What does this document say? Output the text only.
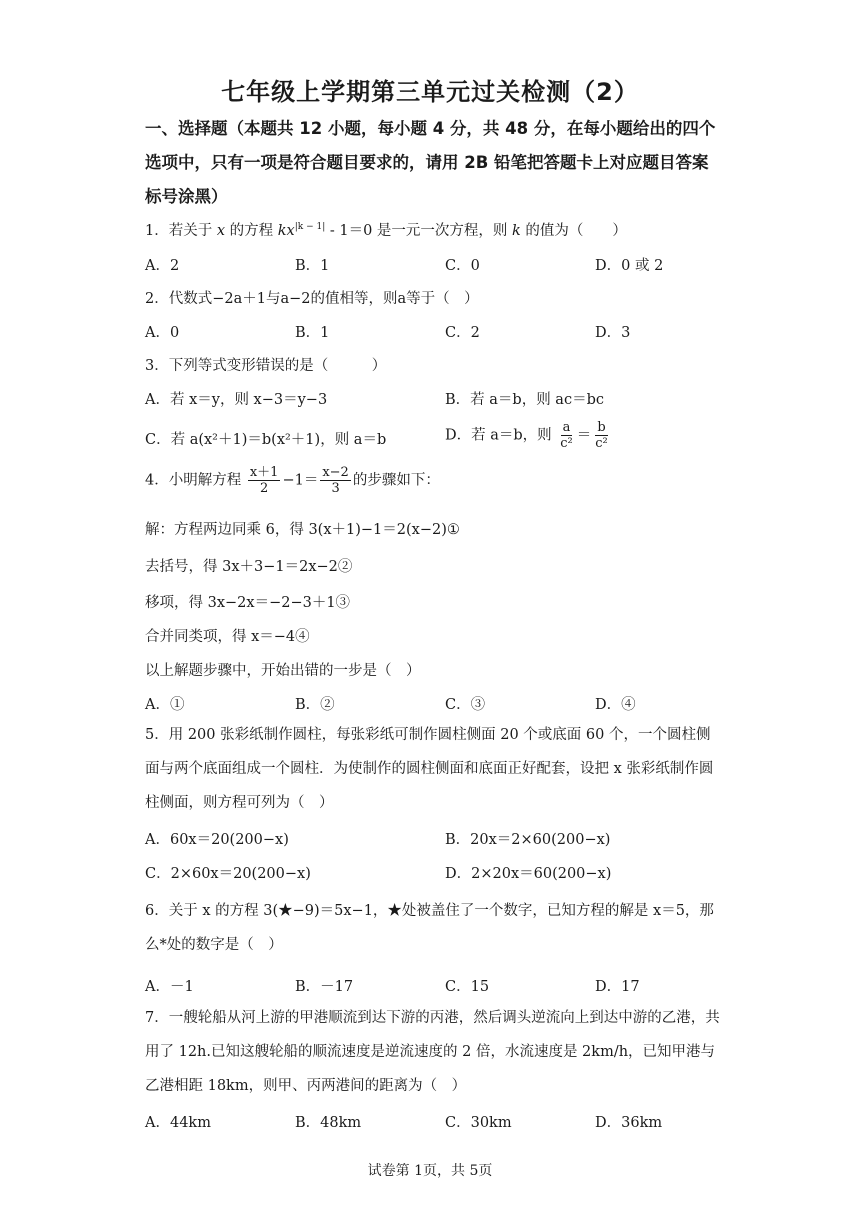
七年级上学期第三单元过关检测（2）
一、选择题（本题共 12 小题，每小题 4 分，共 48 分，在每小题给出的四个选项中，只有一项是符合题目要求的，请用 2B 铅笔把答题卡上对应题目答案标号涂黑）
1．若关于 x 的方程 $kx^{|k - 1|} - 1=0$ 是一元一次方程，则 k 的值为（　　）
A．2	B．1	C．0	D．0 或 2
2．代数式−2a＋1与a−2的值相等，则a等于（　）
A．0	B．1	C．2	D．3
3．下列等式变形错误的是（　　　）
A．若 x＝y，则 x−3＝y−3	B．若 a＝b，则 ac＝bc
C．若 a(x²＋1)＝b(x²＋1)，则 a＝b	D．若 a＝b，则 $\frac{a}{\text{c²}} = \frac{b}{\text{c²}}$
4．小明解方程 $\frac{x+1}{2} -1= \frac{x-2}{3}$ 的步骤如下：
解：方程两边同乘 6，得 3(x＋1)−1＝2(x−2)①
去括号，得 3x＋3−1＝2x−2②
移项，得 3x−2x＝−2−3＋1③
合并同类项，得 x＝−4④
以上解题步骤中，开始出错的一步是（　）
A．①	B．②	C．③	D．④
5．用 200 张彩纸制作圆柱，每张彩纸可制作圆柱侧面 20 个或底面 60 个，一个圆柱侧面与两个底面组成一个圆柱．为使制作的圆柱侧面和底面正好配套，设把 x 张彩纸制作圆柱侧面，则方程可列为（　）
A．60x＝20(200−x)	B．20x＝2×60(200−x)
C．2×60x＝20(200−x)	D．2×20x＝60(200−x)
6．关于 x 的方程 3(★−9)＝5x−1，★处被盖住了一个数字，已知方程的解是 x＝5，那么*处的数字是（　）
A．－1	B．－17	C．15	D．17
7．一艘轮船从河上游的甲港顺流到达下游的丙港，然后调头逆流向上到达中游的乙港，共用了 12h.已知这艘轮船的顺流速度是逆流速度的 2 倍，水流速度是 2km/h，已知甲港与乙港相距 18km，则甲、丙两港间的距离为（　）
A．44km	B．48km	C．30km	D．36km
试卷第 1页，共 5页
